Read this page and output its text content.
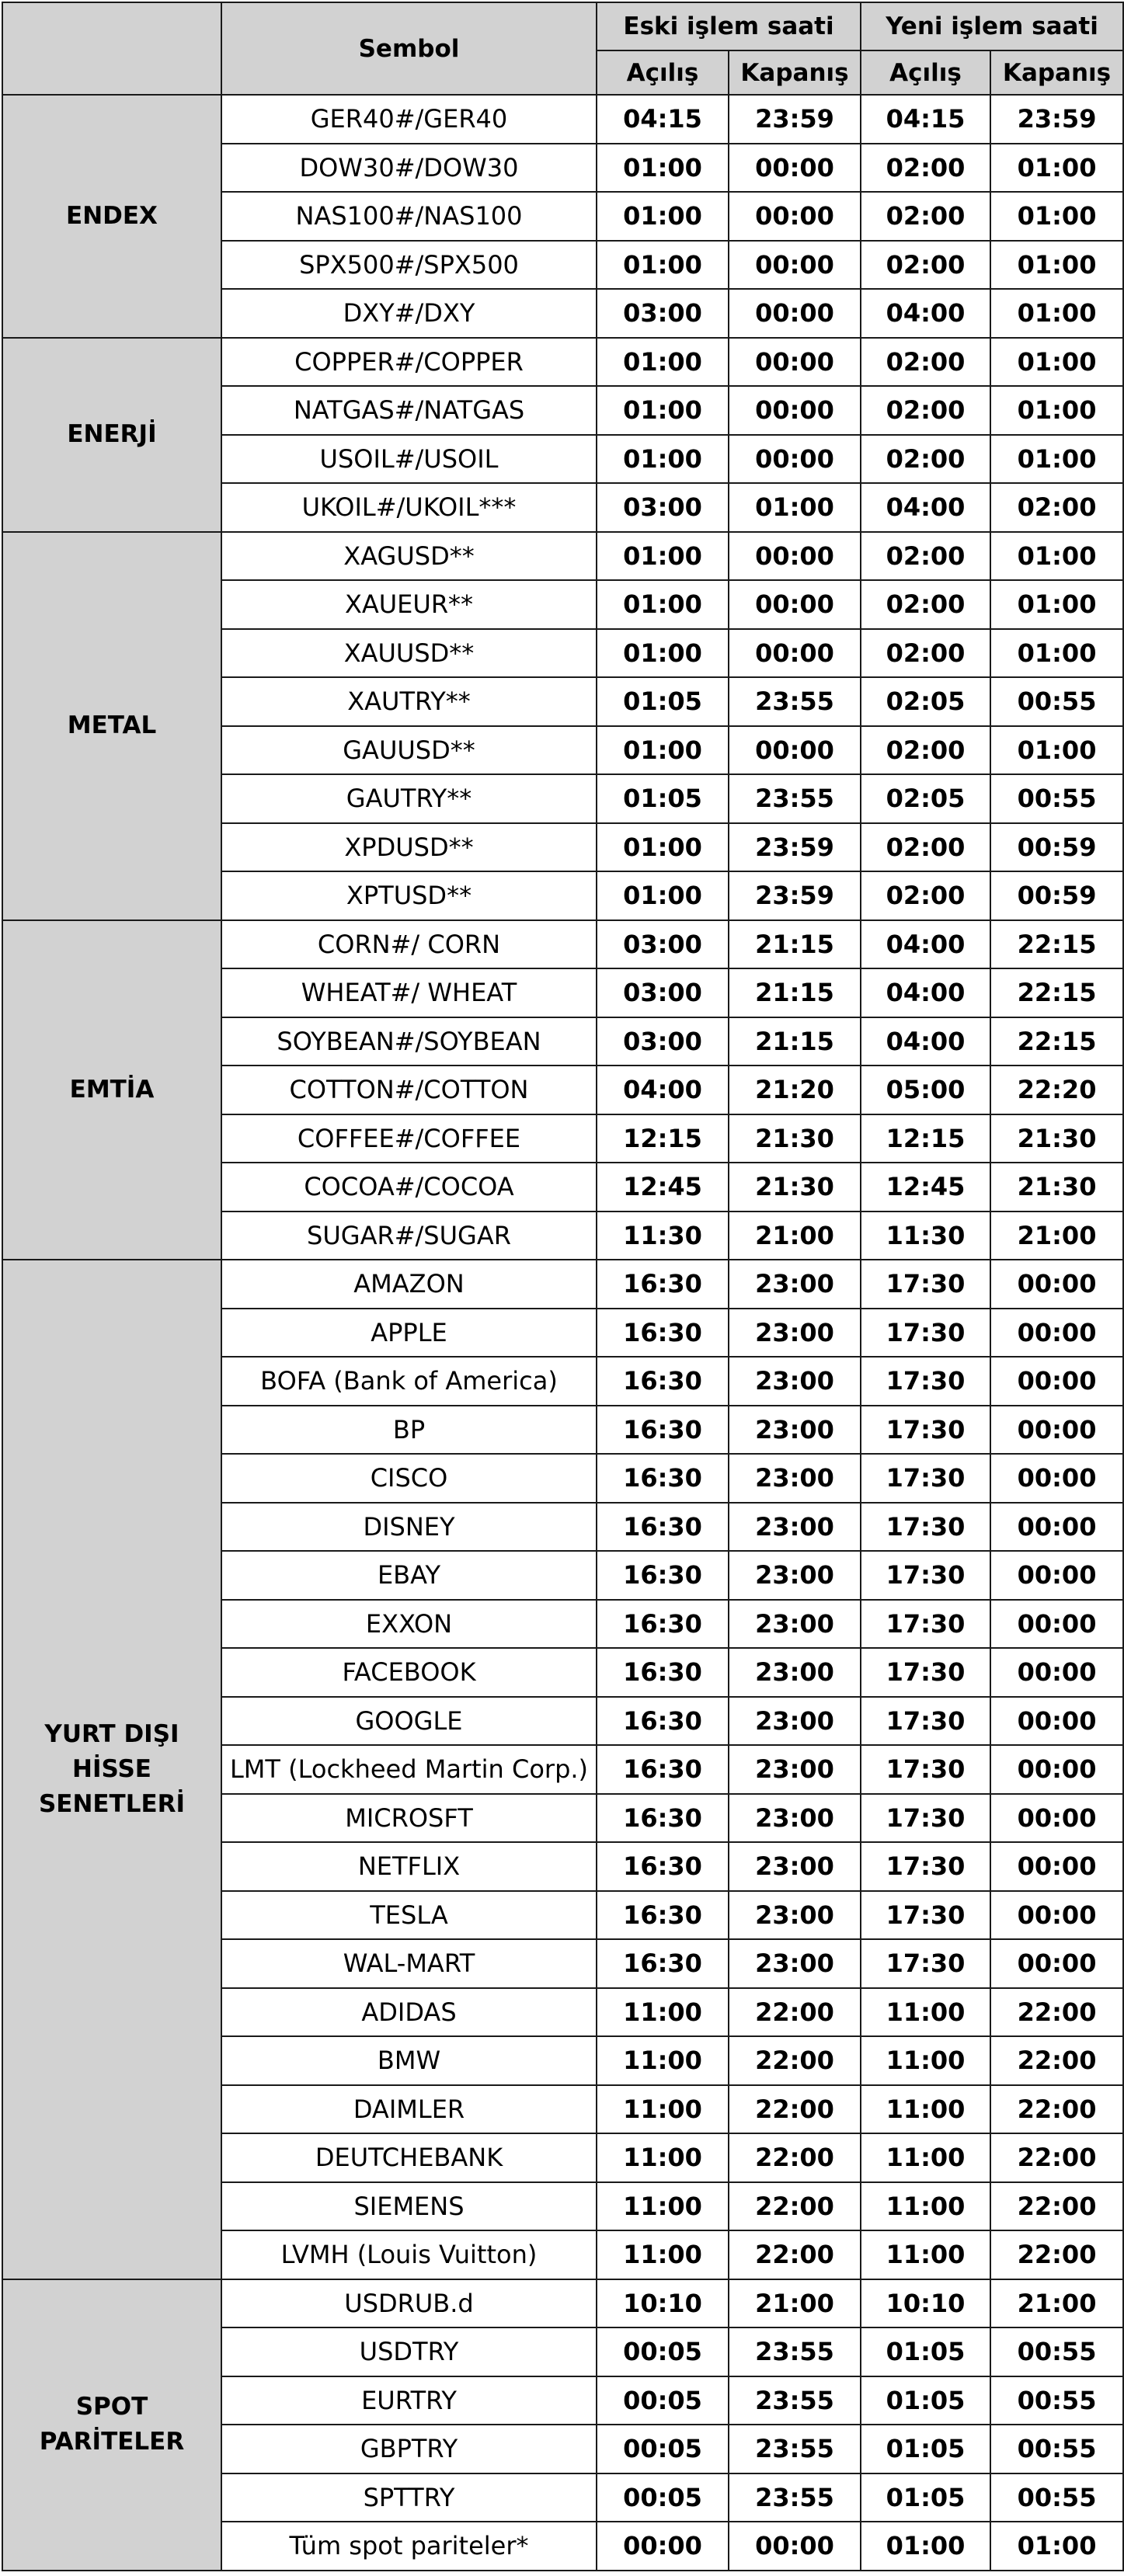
	Sembol	Eski işlem saati		Yeni işlem saati	
		Açılış	Kapanış	Açılış	Kapanış
ENDEX	GER40#/GER40	04:15	23:59	04:15	23:59
	DOW30#/DOW30	01:00	00:00	02:00	01:00
	NAS100#/NAS100	01:00	00:00	02:00	01:00
	SPX500#/SPX500	01:00	00:00	02:00	01:00
	DXY#/DXY	03:00	00:00	04:00	01:00
ENERJİ	COPPER#/COPPER	01:00	00:00	02:00	01:00
	NATGAS#/NATGAS	01:00	00:00	02:00	01:00
	USOIL#/USOIL	01:00	00:00	02:00	01:00
	UKOIL#/UKOIL***	03:00	01:00	04:00	02:00
METAL	XAGUSD**	01:00	00:00	02:00	01:00
	XAUEUR**	01:00	00:00	02:00	01:00
	XAUUSD**	01:00	00:00	02:00	01:00
	XAUTRY**	01:05	23:55	02:05	00:55
	GAUUSD**	01:00	00:00	02:00	01:00
	GAUTRY**	01:05	23:55	02:05	00:55
	XPDUSD**	01:00	23:59	02:00	00:59
	XPTUSD**	01:00	23:59	02:00	00:59
EMTİA	CORN#/ CORN	03:00	21:15	04:00	22:15
	WHEAT#/ WHEAT	03:00	21:15	04:00	22:15
	SOYBEAN#/SOYBEAN	03:00	21:15	04:00	22:15
	COTTON#/COTTON	04:00	21:20	05:00	22:20
	COFFEE#/COFFEE	12:15	21:30	12:15	21:30
	COCOA#/COCOA	12:45	21:30	12:45	21:30
	SUGAR#/SUGAR	11:30	21:00	11:30	21:00

YURT DIŞI HİSSE
SENETLERİ	AMAZON	16:30	23:00	17:30	00:00
	APPLE	16:30	23:00	17:30	00:00
	BOFA (Bank of America)	16:30	23:00	17:30	00:00
	BP	16:30	23:00	17:30	00:00
	CISCO	16:30	23:00	17:30	00:00
	DISNEY	16:30	23:00	17:30	00:00
	EBAY	16:30	23:00	17:30	00:00
	EXXON	16:30	23:00	17:30	00:00
	FACEBOOK	16:30	23:00	17:30	00:00
	GOOGLE	16:30	23:00	17:30	00:00
	LMT (Lockheed Martin Corp.)	16:30	23:00	17:30	00:00
	MICROSFT	16:30	23:00	17:30	00:00
	NETFLIX	16:30	23:00	17:30	00:00
	TESLA	16:30	23:00	17:30	00:00
	WAL-MART	16:30	23:00	17:30	00:00
	ADIDAS	11:00	22:00	11:00	22:00
	BMW	11:00	22:00	11:00	22:00
	DAIMLER	11:00	22:00	11:00	22:00
	DEUTCHEBANK	11:00	22:00	11:00	22:00
	SIEMENS	11:00	22:00	11:00	22:00
	LVMH (Louis Vuitton)	11:00	22:00	11:00	22:00
SPOT PARİTELER	USDRUB.d	10:10	21:00	10:10	21:00
	USDTRY	00:05	23:55	01:05	00:55
	EURTRY	00:05	23:55	01:05	00:55
	GBPTRY	00:05	23:55	01:05	00:55
	SPTTRY	00:05	23:55	01:05	00:55
	Tüm spot pariteler*	00:00	00:00	01:00	01:00
